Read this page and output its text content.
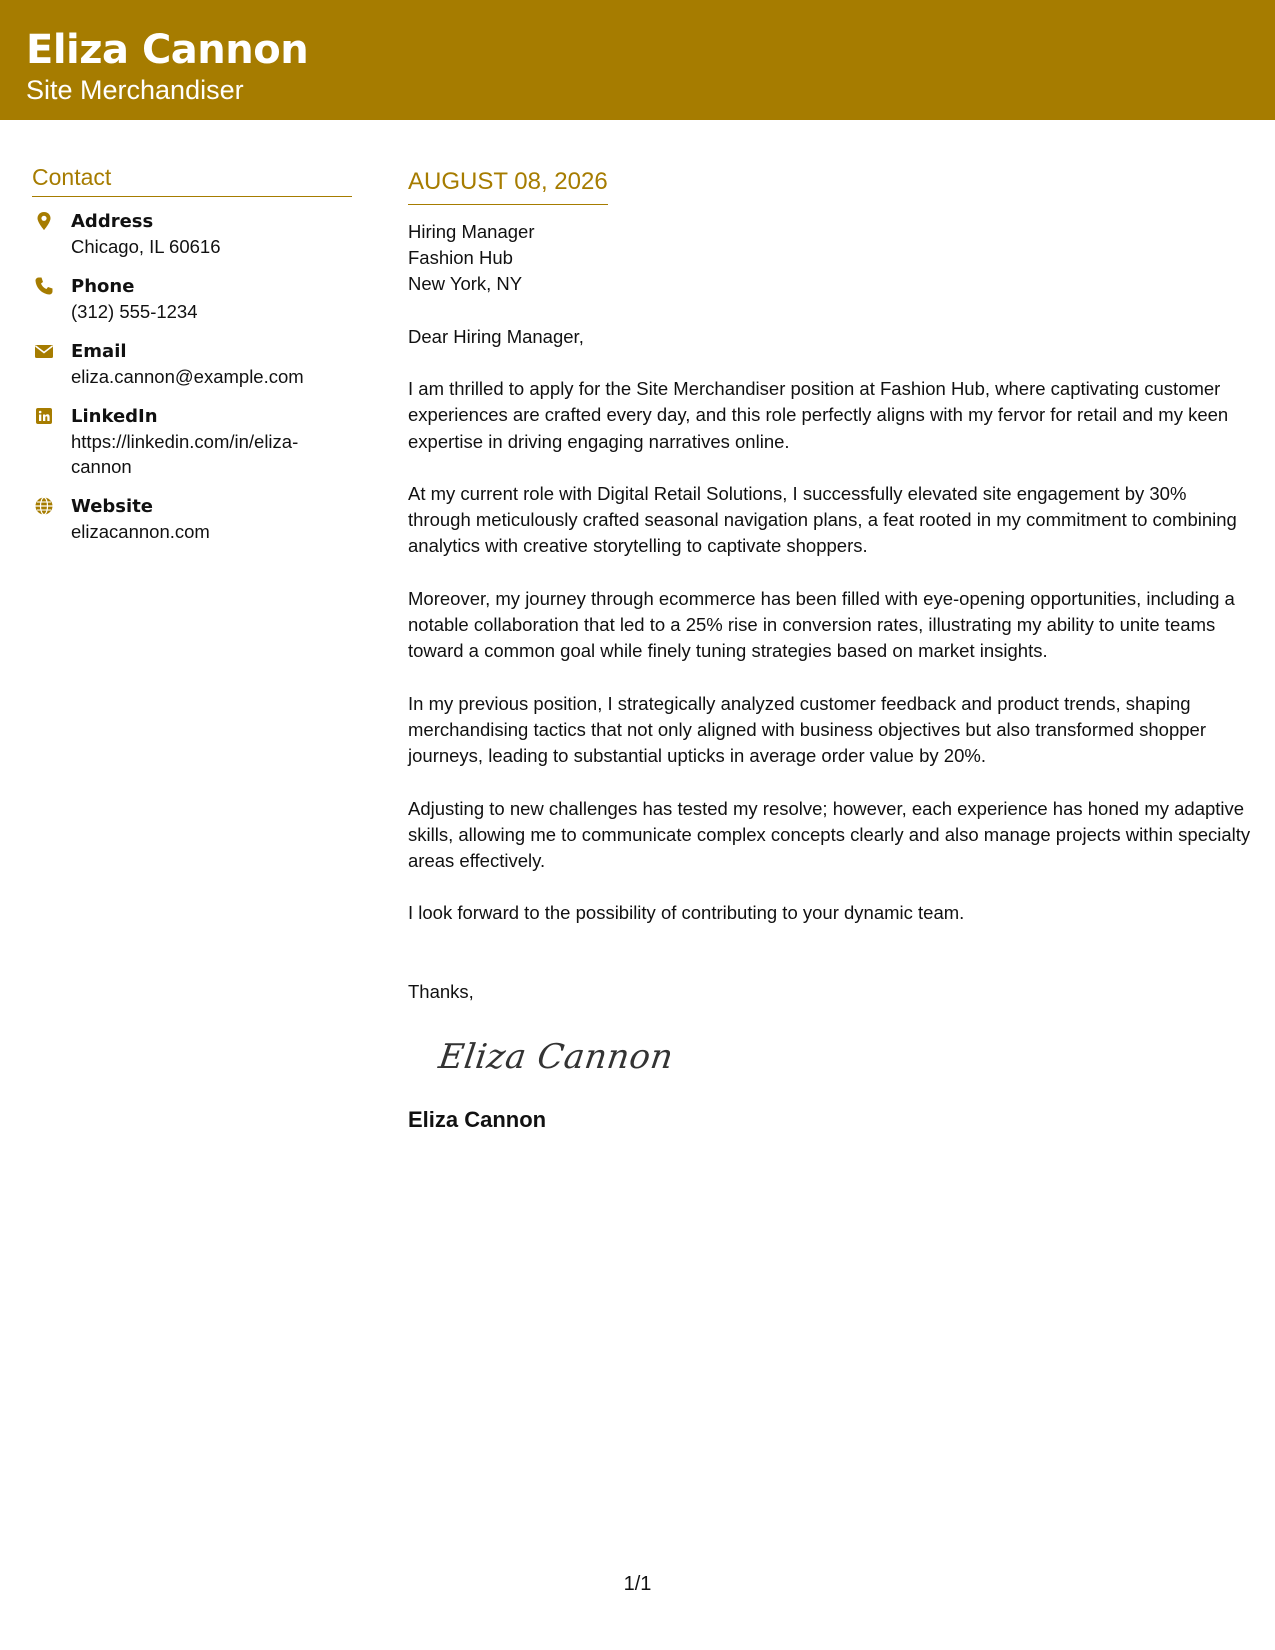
Eliza Cannon
Site Merchandiser
Contact
Address
Chicago, IL 60616
Phone
(312) 555-1234
Email
eliza.cannon@example.com
LinkedIn
https://linkedin.com/in/eliza-cannon
Website
elizacannon.com
AUGUST 08, 2026
Hiring Manager
Fashion Hub
New York, NY
Dear Hiring Manager,
I am thrilled to apply for the Site Merchandiser position at Fashion Hub, where captivating customer experiences are crafted every day, and this role perfectly aligns with my fervor for retail and my keen expertise in driving engaging narratives online.
At my current role with Digital Retail Solutions, I successfully elevated site engagement by 30% through meticulously crafted seasonal navigation plans, a feat rooted in my commitment to combining analytics with creative storytelling to captivate shoppers.
Moreover, my journey through ecommerce has been filled with eye-opening opportunities, including a notable collaboration that led to a 25% rise in conversion rates, illustrating my ability to unite teams toward a common goal while finely tuning strategies based on market insights.
In my previous position, I strategically analyzed customer feedback and product trends, shaping merchandising tactics that not only aligned with business objectives but also transformed shopper journeys, leading to substantial upticks in average order value by 20%.
Adjusting to new challenges has tested my resolve; however, each experience has honed my adaptive skills, allowing me to communicate complex concepts clearly and also manage projects within specialty areas effectively.
I look forward to the possibility of contributing to your dynamic team.
Thanks,
Eliza Cannon
Eliza Cannon
1/1
